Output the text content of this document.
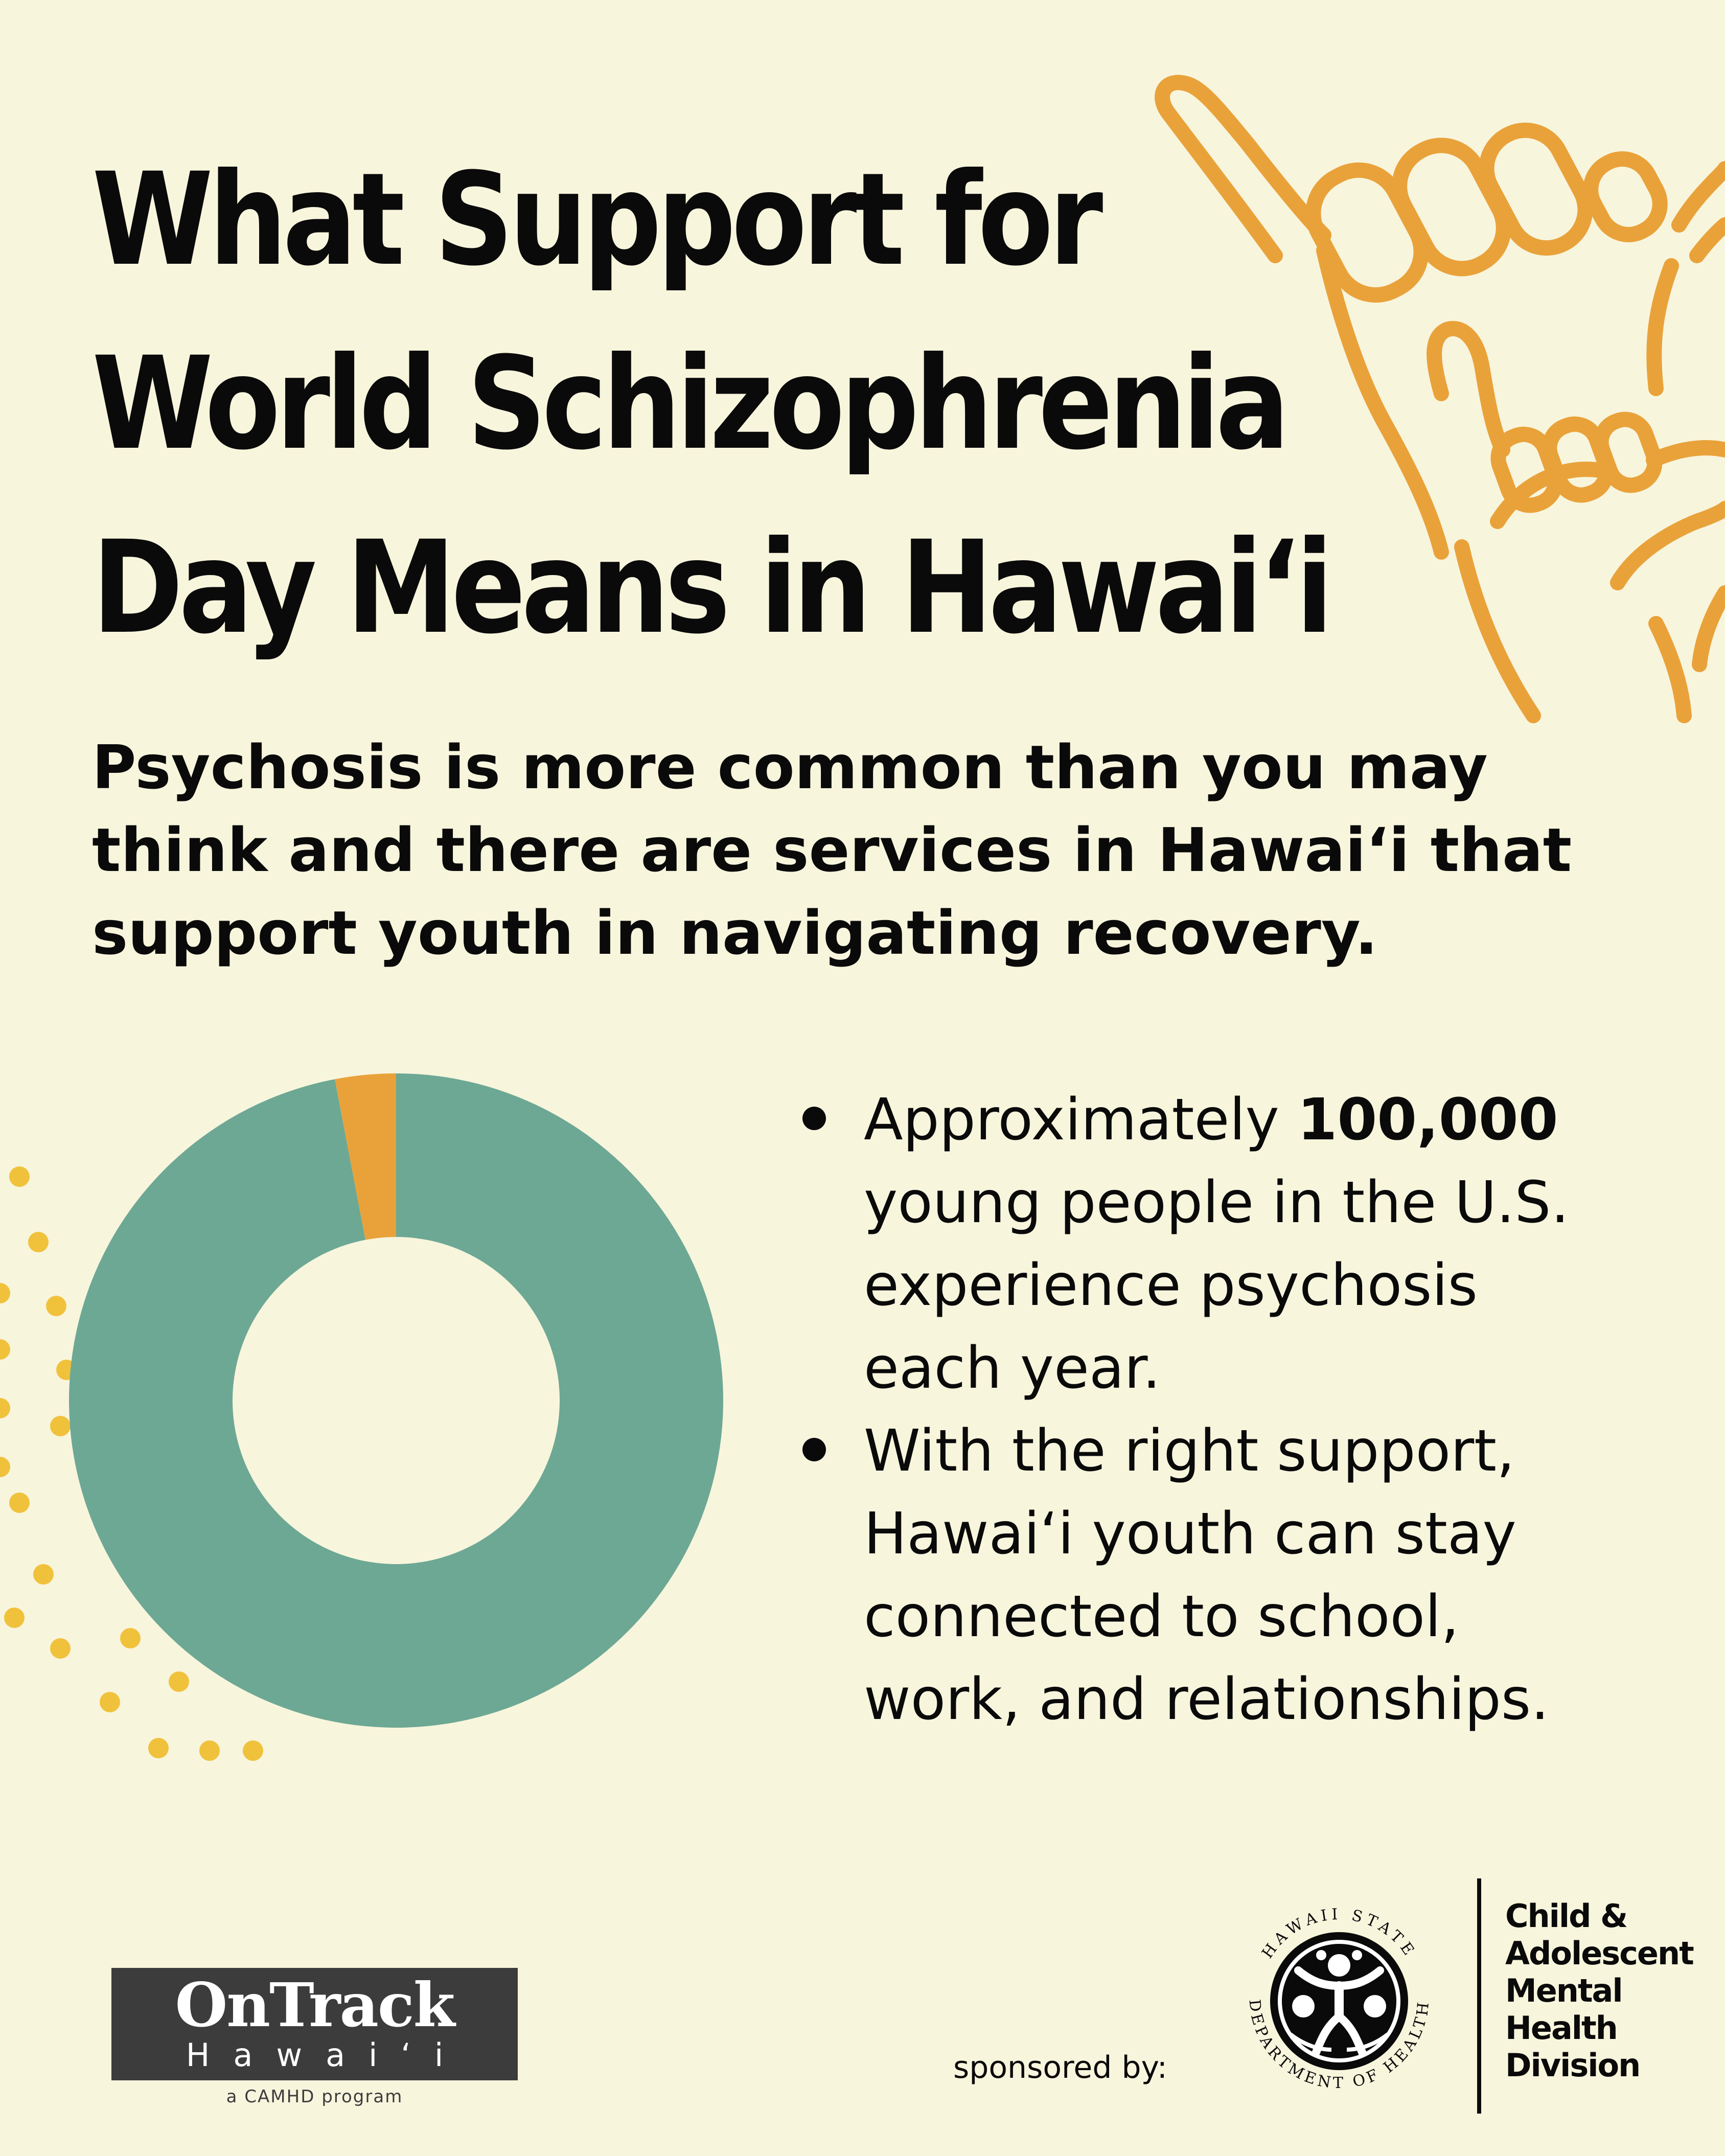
What Support for
World Schizophrenia
Day Means in Hawai‘i

Psychosis is more common than you may
think and there are services in Hawai‘i that
support youth in navigating recovery.

Approximately 100,000
young people in the U.S.
experience psychosis
each year.
With the right support,
Hawai‘i youth can stay
connected to school,
work, and relationships.
OnTrack
Hawai‘i
a CAMHD program
sponsored by:
HAWAII STATE
DEPARTMENT OF HEALTH
Child &
Adolescent
Mental
Health
Division
